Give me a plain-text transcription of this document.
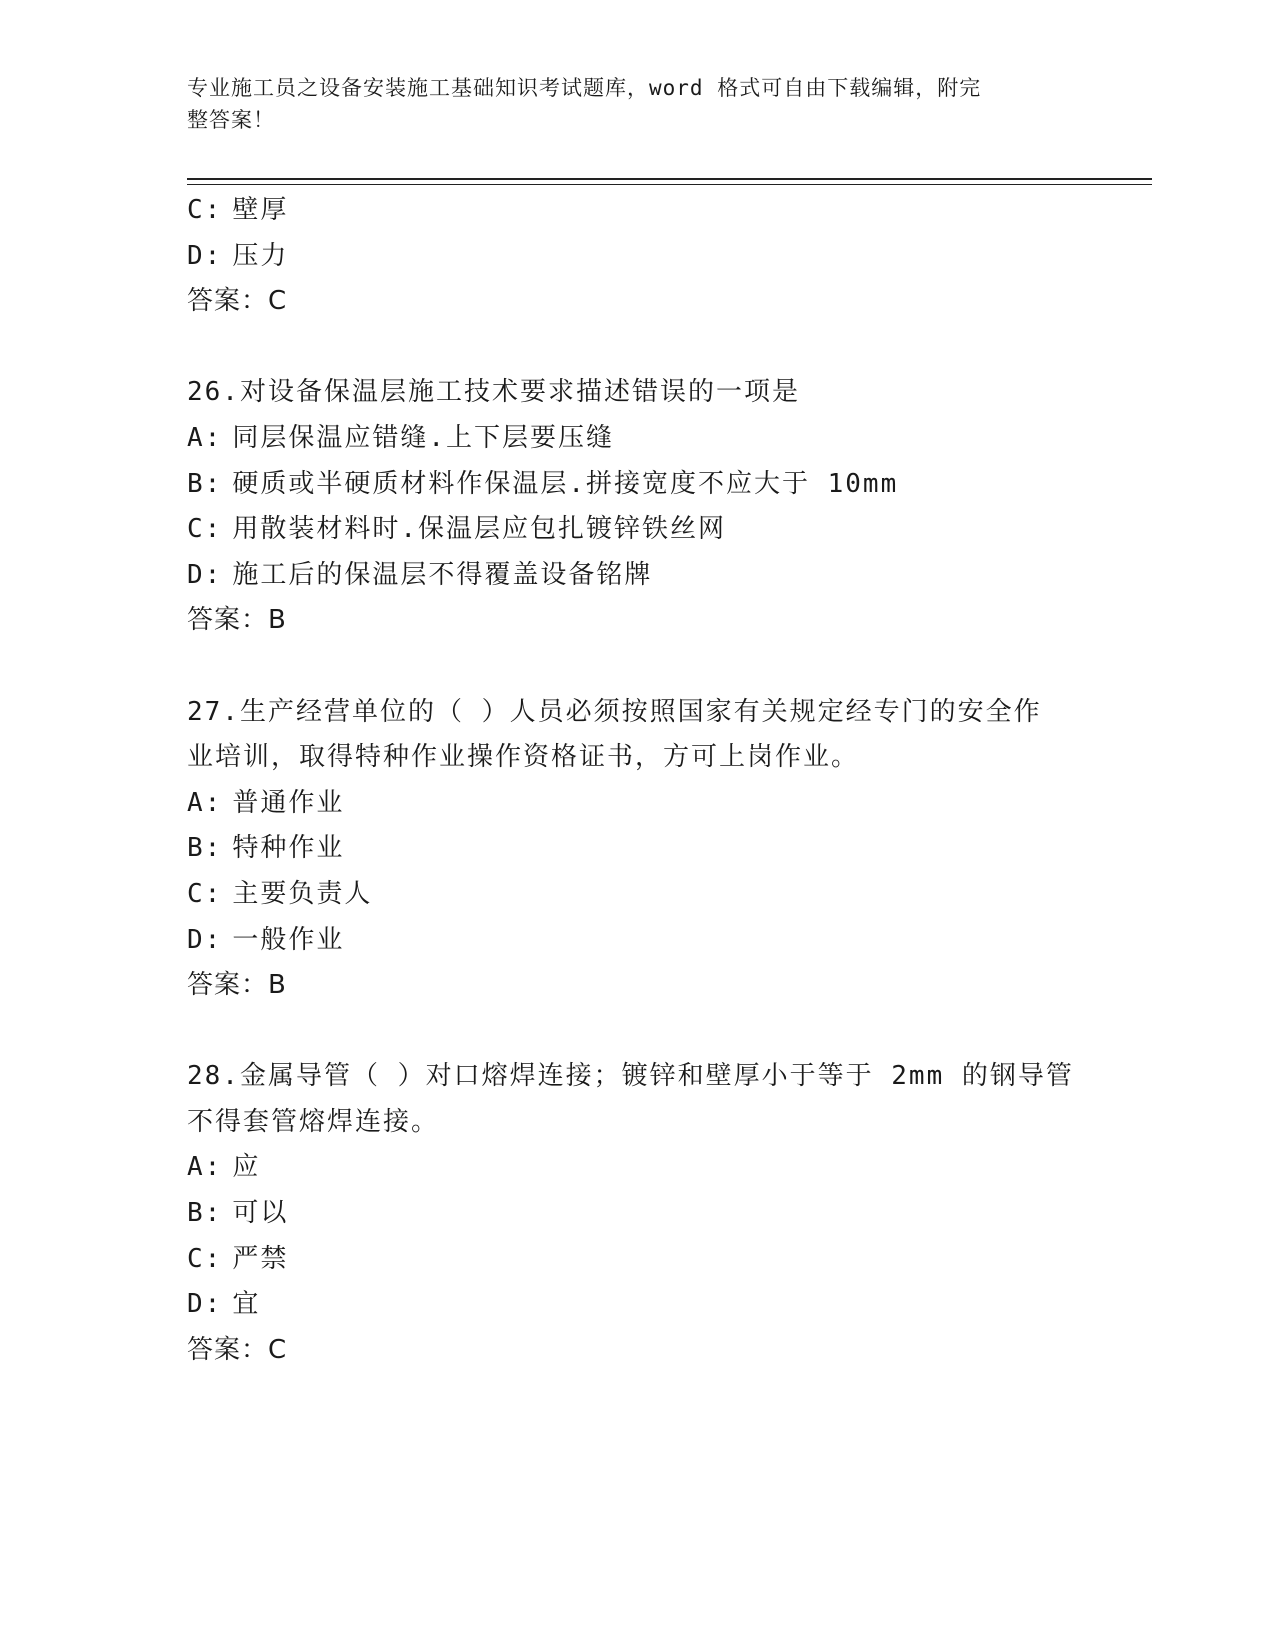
专业施工员之设备安装施工基础知识考试题库，word 格式可自由下载编辑，附完
整答案！
C: 壁厚
D: 压力
答案：C
26.对设备保温层施工技术要求描述错误的一项是
A: 同层保温应错缝.上下层要压缝
B: 硬质或半硬质材料作保温层.拼接宽度不应大于 10mm
C: 用散装材料时.保温层应包扎镀锌铁丝网
D: 施工后的保温层不得覆盖设备铭牌
答案：B
27.生产经营单位的（ ）人员必须按照国家有关规定经专门的安全作
业培训，取得特种作业操作资格证书，方可上岗作业。
A: 普通作业
B: 特种作业
C: 主要负责人
D: 一般作业
答案：B
28.金属导管（ ）对口熔焊连接；镀锌和壁厚小于等于 2mm 的钢导管
不得套管熔焊连接。
A: 应
B: 可以
C: 严禁
D: 宜
答案：C
